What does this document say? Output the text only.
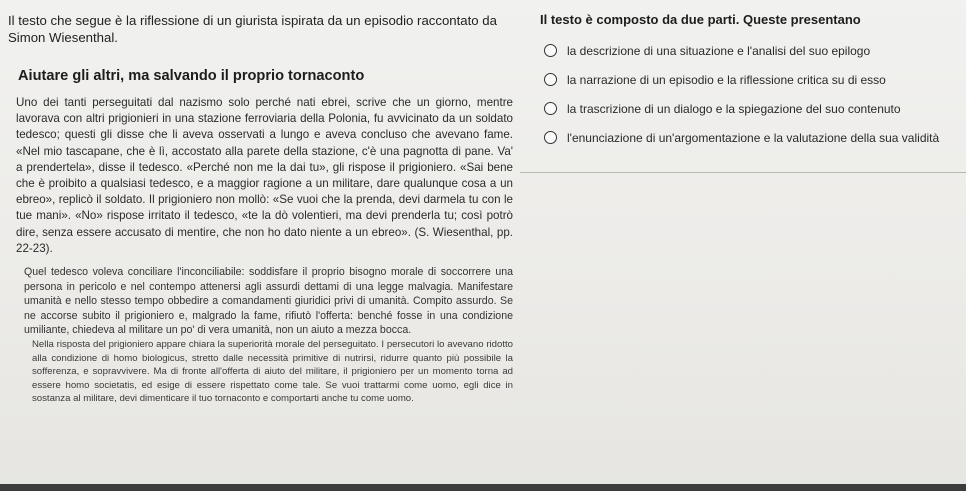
Il testo che segue è la riflessione di un giurista ispirata da un episodio raccontato da Simon Wiesenthal.

Aiutare gli altri, ma salvando il proprio tornaconto

Uno dei tanti perseguitati dal nazismo solo perché nati ebrei, scrive che un giorno, mentre lavorava con altri prigionieri in una stazione ferroviaria della Polonia, fu avvicinato da un soldato tedesco; questi gli disse che li aveva osservati a lungo e aveva concluso che avevano fame. «Nel mio tascapane, che è lì, accostato alla parete della stazione, c'è una pagnotta di pane. Va' a prendertela», disse il tedesco. «Perché non me la dai tu», gli rispose il prigioniero. «Sai bene che è proibito a qualsiasi tedesco, e a maggior ragione a un militare, dare qualunque cosa a un ebreo», replicò il soldato. Il prigioniero non mollò: «Se vuoi che la prenda, devi darmela tu con le tue mani». «No» rispose irritato il tedesco, «te la dò volentieri, ma devi prenderla tu; così potrò dire, senza essere accusato di mentire, che non ho dato niente a un ebreo». (S. Wiesenthal, pp. 22-23).

Quel tedesco voleva conciliare l'inconciliabile: soddisfare il proprio bisogno morale di soccorrere una persona in pericolo e nel contempo attenersi agli assurdi dettami di una legge malvagia. Manifestare umanità e nello stesso tempo obbedire a comandamenti giuridici privi di umanità. Compito assurdo. Se ne accorse subito il prigioniero e, malgrado la fame, rifiutò l'offerta: benché fosse in una condizione umiliante, chiedeva al militare un po' di vera umanità, non un aiuto a mezza bocca.

Nella risposta del prigioniero appare chiara la superiorità morale del perseguitato. I persecutori lo avevano ridotto alla condizione di homo biologicus, stretto dalle necessità primitive di nutrirsi, ridurre quanto più possibile la sofferenza, e sopravvivere. Ma di fronte all'offerta di aiuto del militare, il prigioniero per un momento torna ad essere homo societatis, ed esige di essere rispettato come tale. Se vuoi trattarmi come uomo, egli dice in sostanza al militare, devi dimenticare il tuo tornaconto e comportarti anche tu come uomo.

Il testo è composto da due parti. Queste presentano

la descrizione di una situazione e l'analisi del suo epilogo
la narrazione di un episodio e la riflessione critica su di esso
la trascrizione di un dialogo e la spiegazione del suo contenuto
l'enunciazione di un'argomentazione e la valutazione della sua validità
